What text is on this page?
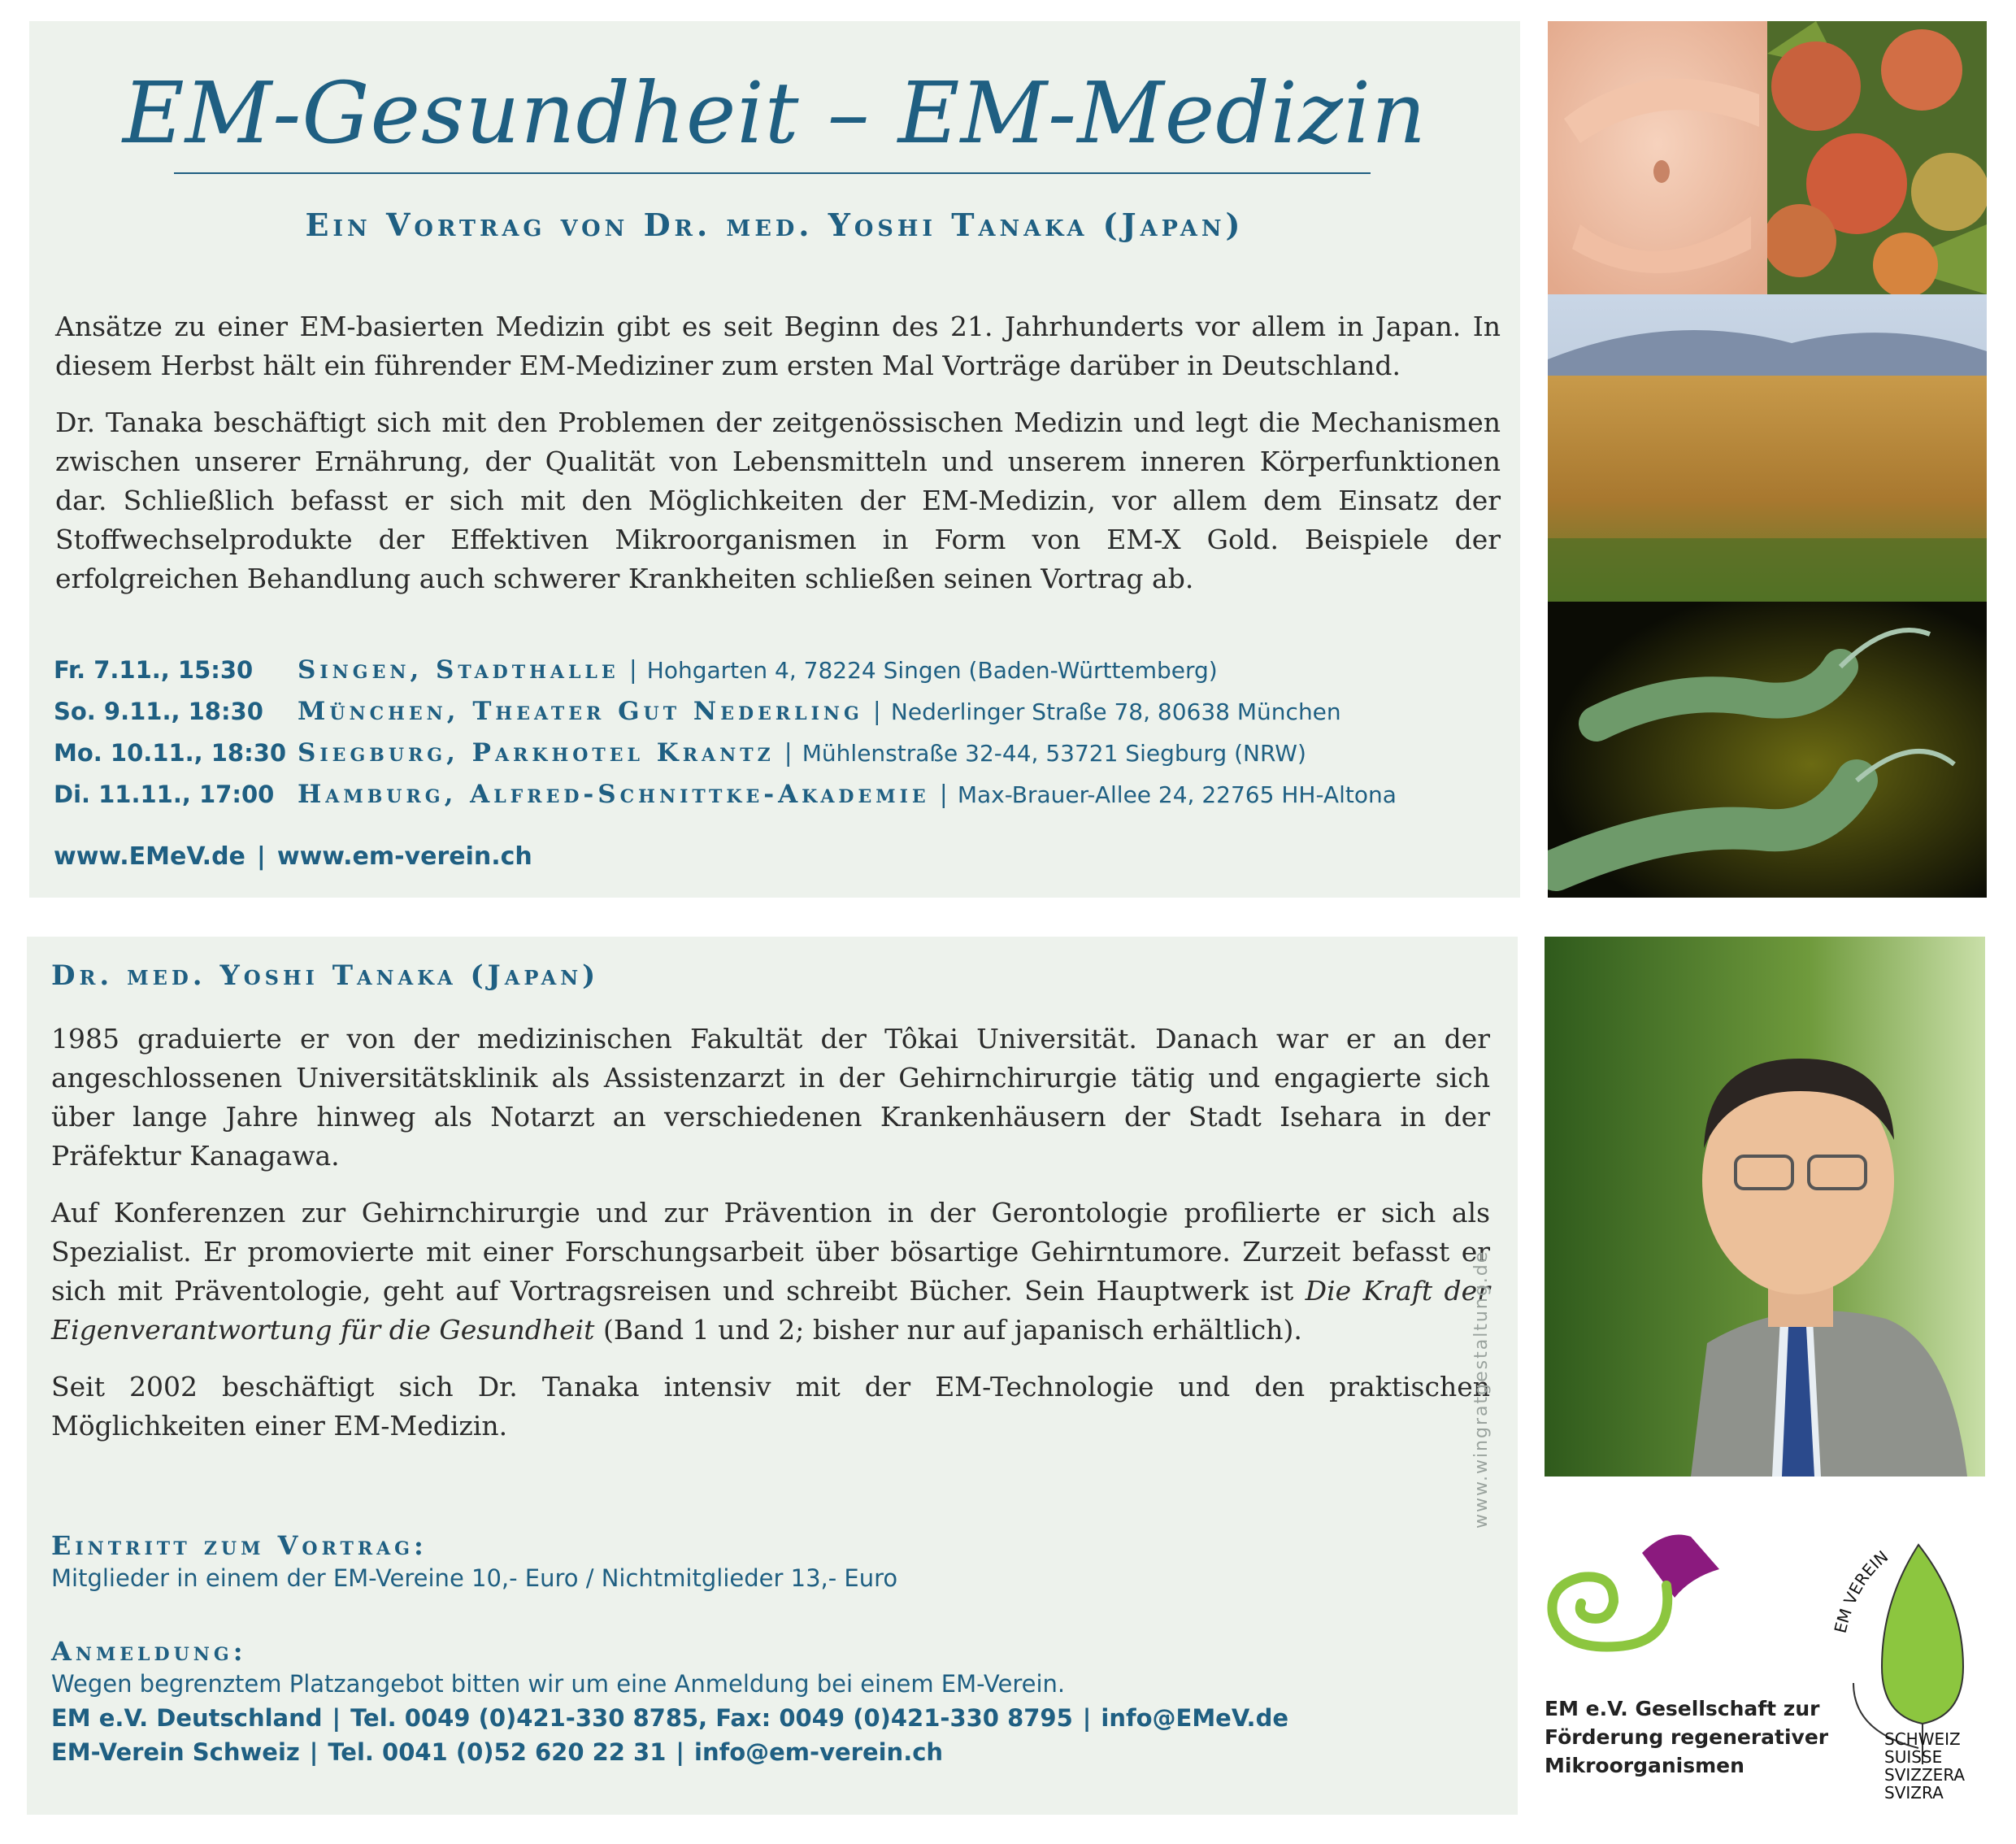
EM-Gesundheit – EM-Medizin
Ein Vortrag von Dr. med. Yoshi Tanaka (Japan)

Ansätze zu einer EM-basierten Medizin gibt es seit Beginn des 21. Jahrhunderts vor allem in Japan. In diesem Herbst hält ein führender EM-Mediziner zum ersten Mal Vorträge darüber in Deutschland.

Dr. Tanaka beschäftigt sich mit den Problemen der zeitgenössischen Medizin und legt die Mechanismen zwischen unserer Ernährung, der Qualität von Lebensmitteln und unserem inneren Körperfunktionen dar. Schließlich befasst er sich mit den Möglichkeiten der EM-Medizin, vor allem dem Einsatz der Stoffwechselprodukte der Effektiven Mikroorganismen in Form von EM-X Gold. Beispiele der erfolgreichen Behandlung auch schwerer Krankheiten schließen seinen Vortrag ab.

Fr. 7.11., 15:30	Singen, Stadthalle | Hohgarten 4, 78224 Singen (Baden-Württemberg)
So. 9.11., 18:30	München, Theater Gut Nederling | Nederlinger Straße 78, 80638 München
Mo. 10.11., 18:30 Siegburg, Parkhotel Krantz | Mühlenstraße 32-44, 53721 Siegburg (NRW)
Di. 11.11., 17:00 Hamburg, Alfred-Schnittke-Akademie | Max-Brauer-Allee 24, 22765 HH-Altona
www.EMeV.de | www.em-verein.ch
Dr. med. Yoshi Tanaka (Japan)

1985 graduierte er von der medizinischen Fakultät der Tôkai Universität. Danach war er an der angeschlossenen Universitätsklinik als Assistenzarzt in der Gehirnchirurgie tätig und engagierte sich über lange Jahre hinweg als Notarzt an verschiedenen Krankenhäusern der Stadt Isehara in der Präfektur Kanagawa.

Auf Konferenzen zur Gehirnchirurgie und zur Prävention in der Gerontologie profilierte er sich als Spezialist. Er promovierte mit einer Forschungsarbeit über bösartige Gehirntumore. Zurzeit befasst er sich mit Präventologie, geht auf Vortragsreisen und schreibt Bücher. Sein Hauptwerk ist Die Kraft der Eigenverantwortung für die Gesundheit (Band 1 und 2; bisher nur auf japanisch erhältlich).

Seit 2002 beschäftigt sich Dr. Tanaka intensiv mit der EM-Technologie und den praktischen Möglichkeiten einer EM-Medizin.

Eintritt zum Vortrag:
Mitglieder in einem der EM-Vereine 10,- Euro / Nichtmitglieder 13,- Euro
Anmeldung:
Wegen begrenztem Platzangebot bitten wir um eine Anmeldung bei einem EM-Verein.
EM e.V. Deutschland | Tel. 0049 (0)421-330 8785, Fax: 0049 (0)421-330 8795 | info@EMeV.de
EM-Verein Schweiz | Tel. 0041 (0)52 620 22 31 | info@em-verein.ch
www.wingratgestaltung.de
EM e.V. Gesellschaft zur
Förderung regenerativer
Mikroorganismen
EM VEREIN
SCHWEIZ
SUISSE
SVIZZERA
SVIZRA
